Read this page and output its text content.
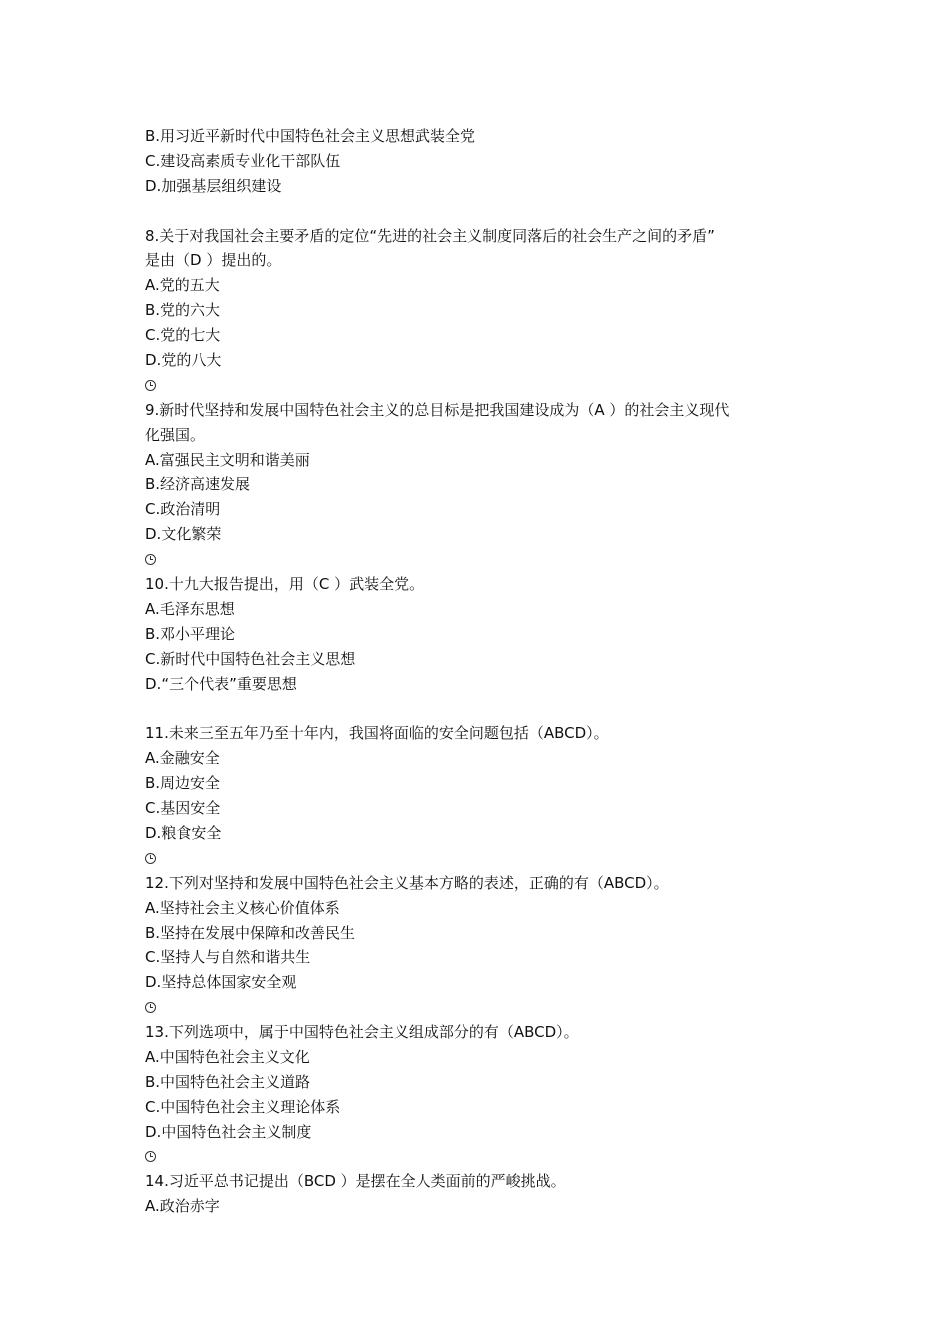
B.用习近平新时代中国特色社会主义思想武装全党
C.建设高素质专业化干部队伍
D.加强基层组织建设
8.关于对我国社会主要矛盾的定位“先进的社会主义制度同落后的社会生产之间的矛盾”
是由（D ）提出的。
A.党的五大
B.党的六大
C.党的七大
D.党的八大
9.新时代坚持和发展中国特色社会主义的总目标是把我国建设成为（A ）的社会主义现代
化强国。
A.富强民主文明和谐美丽
B.经济高速发展
C.政治清明
D.文化繁荣
10.十九大报告提出，用（C ）武装全党。
A.毛泽东思想
B.邓小平理论
C.新时代中国特色社会主义思想
D.“三个代表”重要思想
11.未来三至五年乃至十年内，我国将面临的安全问题包括（ABCD）。
A.金融安全
B.周边安全
C.基因安全
D.粮食安全
12.下列对坚持和发展中国特色社会主义基本方略的表述，正确的有（ABCD）。
A.坚持社会主义核心价值体系
B.坚持在发展中保障和改善民生
C.坚持人与自然和谐共生
D.坚持总体国家安全观
13.下列选项中，属于中国特色社会主义组成部分的有（ABCD）。
A.中国特色社会主义文化
B.中国特色社会主义道路
C.中国特色社会主义理论体系
D.中国特色社会主义制度
14.习近平总书记提出（BCD ）是摆在全人类面前的严峻挑战。
A.政治赤字
